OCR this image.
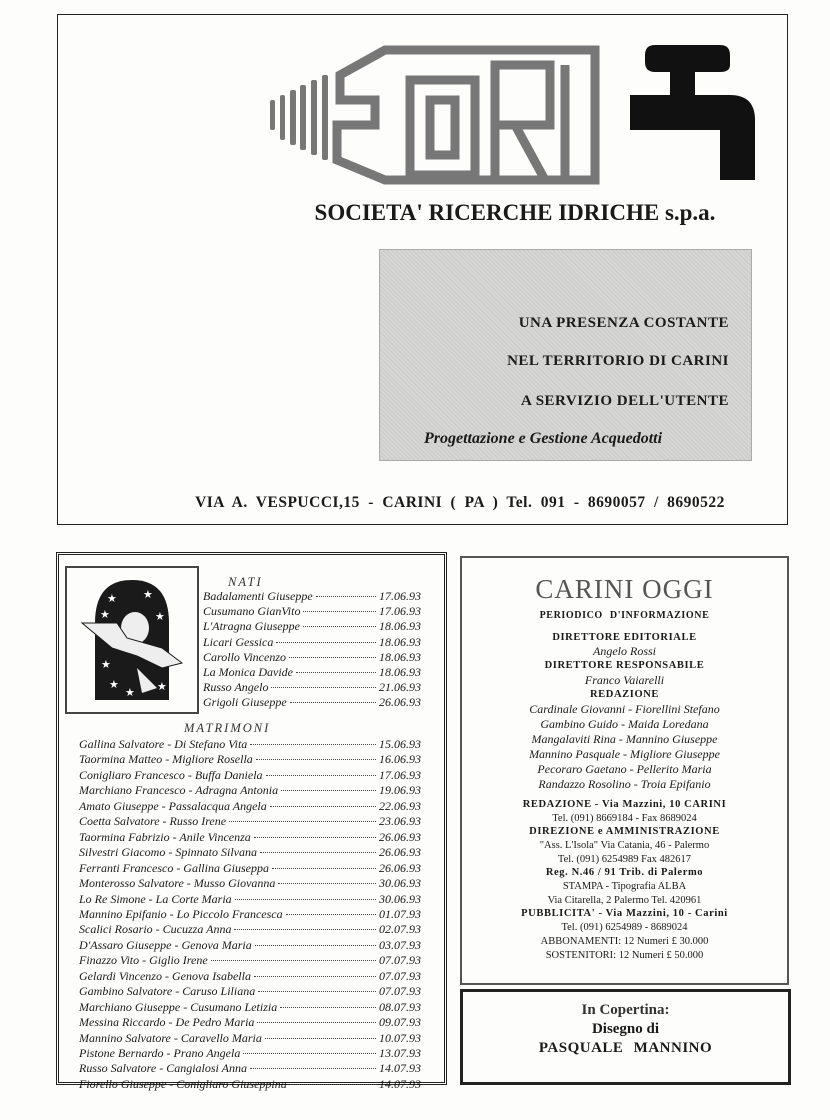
SOCIETA' RICERCHE IDRICHE s.p.a.
UNA PRESENZA COSTANTE
NEL TERRITORIO DI CARINI
A SERVIZIO DELL'UTENTE
Progettazione e Gestione Acquedotti
VIA A. VESPUCCI,15 - CARINI ( PA ) Tel. 091 - 8690057 / 8690522
★ ★
★
★
★
★
★ ★
NATI
Badalamenti Giuseppe	17.06.93
Cusumano GianVito	17.06.93
L'Atragna Giuseppe	18.06.93
Licari Gessica	18.06.93
Carollo Vincenzo	18.06.93
La Monica Davide	18.06.93
Russo Angelo	21.06.93
Grigoli Giuseppe	26.06.93
MATRIMONI
Gallina Salvatore - Di Stefano Vita	15.06.93
Taormina Matteo - Migliore Rosella	16.06.93
Conigliaro Francesco - Buffa Daniela	17.06.93
Marchiano Francesco - Adragna Antonia	19.06.93
Amato Giuseppe - Passalacqua Angela	22.06.93
Coetta Salvatore - Russo Irene	23.06.93
Taormina Fabrizio - Anile Vincenza	26.06.93
Silvestri Giacomo - Spinnato Silvana	26.06.93
Ferranti Francesco - Gallina Giuseppa	26.06.93
Monterosso Salvatore - Musso Giovanna	30.06.93
Lo Re Simone - La Corte Maria	30.06.93
Mannino Epifanio - Lo Piccolo Francesca	01.07.93
Scalici Rosario - Cucuzza Anna	02.07.93
D'Assaro Giuseppe - Genova Maria	03.07.93
Finazzo Vito - Giglio Irene	07.07.93
Gelardi Vincenzo - Genova Isabella	07.07.93
Gambino Salvatore - Caruso Liliana	07.07.93
Marchiano Giuseppe - Cusumano Letizia	08.07.93
Messina Riccardo - De Pedro Maria	09.07.93
Mannino Salvatore - Caravello Maria	10.07.93
Pistone Bernardo - Prano Angela	13.07.93
Russo Salvatore - Cangialosi Anna	14.07.93
Fiorello Giuseppe - Conigliaro Giuseppina	14.07.93
CARINI OGGI
PERIODICO D'INFORMAZIONE
DIRETTORE EDITORIALE
Angelo Rossi
DIRETTORE RESPONSABILE
Franco Vaiarelli
REDAZIONE
Cardinale Giovanni - Fiorellini Stefano
Gambino Guido - Maida Loredana
Mangalaviti Rina - Mannino Giuseppe
Mannino Pasquale - Migliore Giuseppe
Pecoraro Gaetano - Pellerito Maria
Randazzo Rosolino - Troia Epifanio
REDAZIONE - Via Mazzini, 10 CARINI
Tel. (091) 8669184 - Fax 8689024
DIREZIONE e AMMINISTRAZIONE
"Ass. L'Isola" Via Catania, 46 - Palermo
Tel. (091) 6254989 Fax 482617
Reg. N.46 / 91 Trib. di Palermo
STAMPA - Tipografia ALBA
Via Citarella, 2 Palermo Tel. 420961
PUBBLICITA' - Via Mazzini, 10 - Carini
Tel. (091) 6254989 - 8689024
ABBONAMENTI: 12 Numeri £ 30.000
SOSTENITORI: 12 Numeri £ 50.000
In Copertina:
Disegno di
PASQUALE MANNINO
